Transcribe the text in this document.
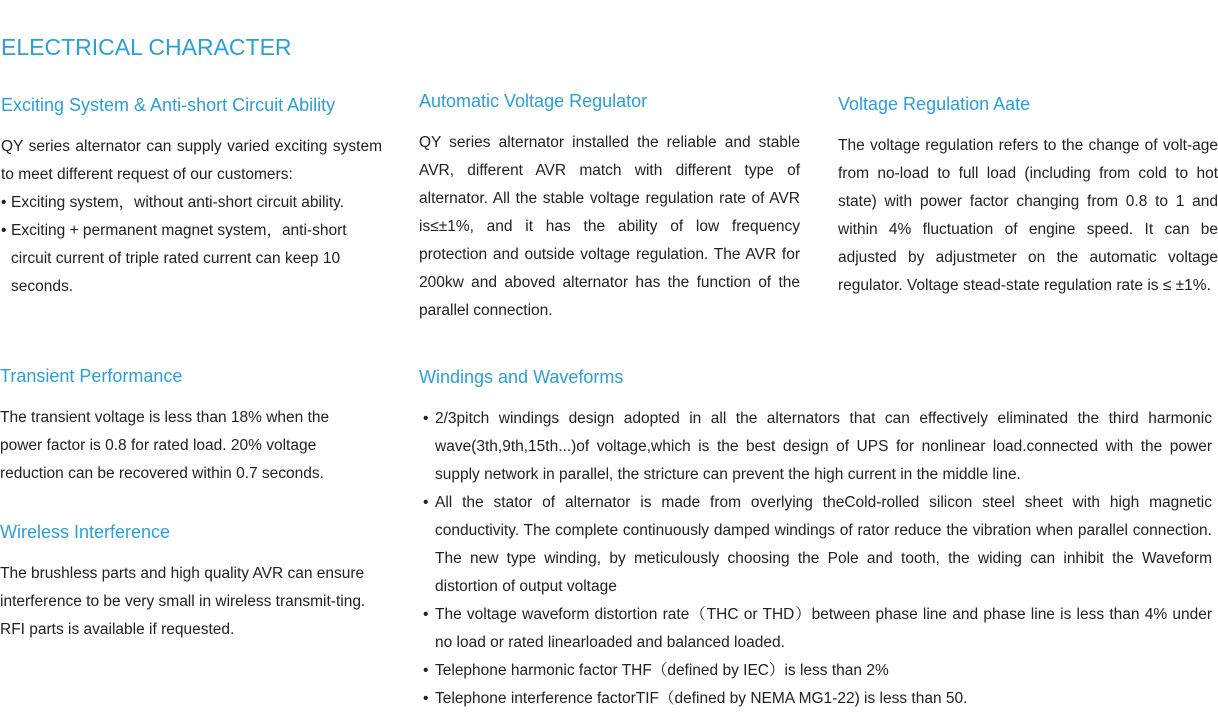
ELECTRICAL CHARACTER
Exciting System & Anti-short Circuit Ability

QY series alternator can supply varied exciting system to meet different request of our customers:

• Exciting system，without anti-short circuit ability.
• Exciting + permanent magnet system，anti-short circuit current of triple rated current can keep 10 seconds.
Automatic Voltage Regulator

QY series alternator installed the reliable and stable AVR, different AVR match with different type of alternator. All the stable voltage regulation rate of AVR is≤±1%, and it has the ability of low frequency protection and outside voltage regulation. The AVR for 200kw and aboved alternator has the function of the parallel connection.

Voltage Regulation Aate

The voltage regulation refers to the change of volt-age from no-load to full load (including from cold to hot state) with power factor changing from 0.8 to 1 and within 4% fluctuation of engine speed. It can be adjusted by adjustmeter on the automatic voltage regulator. Voltage stead-state regulation rate is ≤ ±1%.

Transient Performance

The transient voltage is less than 18% when the power factor is 0.8 for rated load. 20% voltage reduction can be recovered within 0.7 seconds.

Wireless Interference

The brushless parts and high quality AVR can ensure interference to be very small in wireless transmit-ting. RFI parts is available if requested.

Windings and Waveforms
• 2/3pitch windings design adopted in all the alternators that can effectively eliminated the third harmonic wave(3th,9th,15th...)of voltage,which is the best design of UPS for nonlinear load.connected with the power supply network in parallel, the stricture can prevent the high current in the middle line.
• All the stator of alternator is made from overlying theCold-rolled silicon steel sheet with high magnetic conductivity. The complete continuously damped windings of rator reduce the vibration when parallel connection. The new type winding, by meticulously choosing the Pole and tooth, the widing can inhibit the Waveform distortion of output voltage
• The voltage waveform distortion rate（THC or THD）between phase line and phase line is less than 4% under no load or rated linearloaded and balanced loaded.
• Telephone harmonic factor THF（defined by IEC）is less than 2%
• Telephone interference factorTIF（defined by NEMA MG1-22) is less than 50.
